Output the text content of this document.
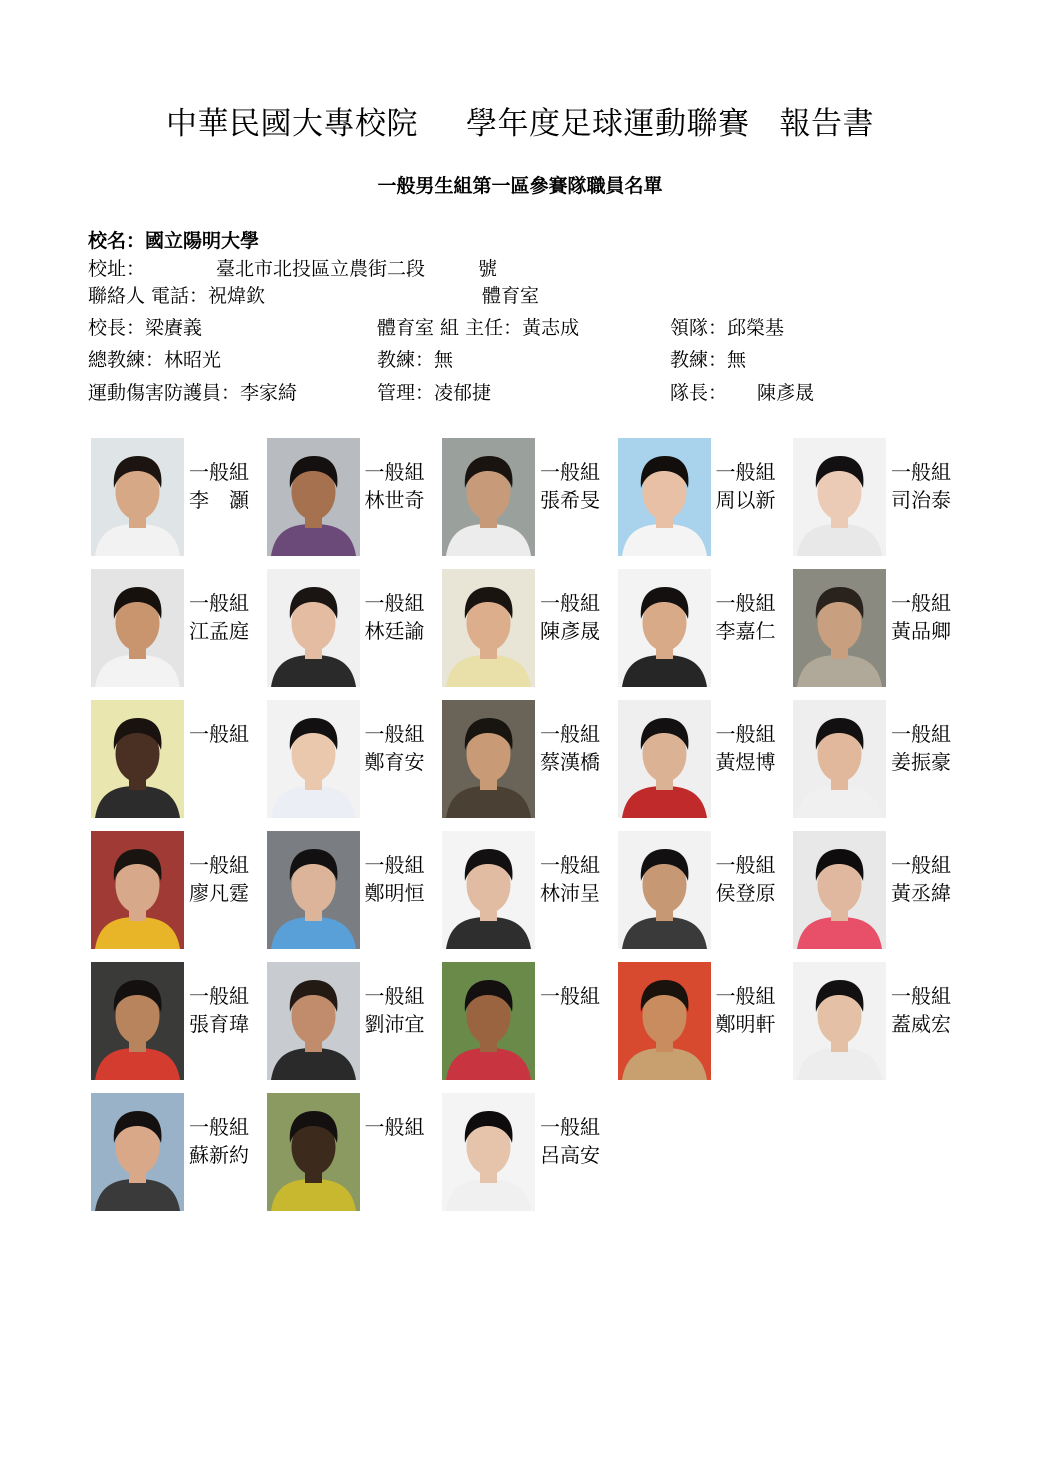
中華民國大專校院 學年度足球運動聯賽 報告書
一般男生組第一區參賽隊職員名單
校名：國立陽明大學
校址：	臺北市北投區立農街二段	號
聯絡人 電話：祝煒欽	體育室
校長：梁賡義	體育室 組 主任：黃志成	領隊：邱榮基
總教練：林昭光	教練：無	教練：無
運動傷害防護員：李家綺	管理：凌郁捷	隊長： 陳彥晟
一般組
李　灝
一般組
林世奇
一般組
張希旻
一般組
周以新
一般組
司治泰
一般組
江孟庭
一般組
林廷諭
一般組
陳彥晟
一般組
李嘉仁
一般組
黃品卿
一般組	一般組
鄭育安
一般組
蔡漢橋
一般組
黃煜博
一般組
姜振豪
一般組
廖凡霆
一般組
鄭明恒
一般組
林沛呈
一般組
侯登原
一般組
黃丞緯
一般組
張育瑋
一般組
劉沛宜
一般組	一般組
鄭明軒
一般組
蓋威宏
一般組
蘇新約
一般組	一般組
呂高安
